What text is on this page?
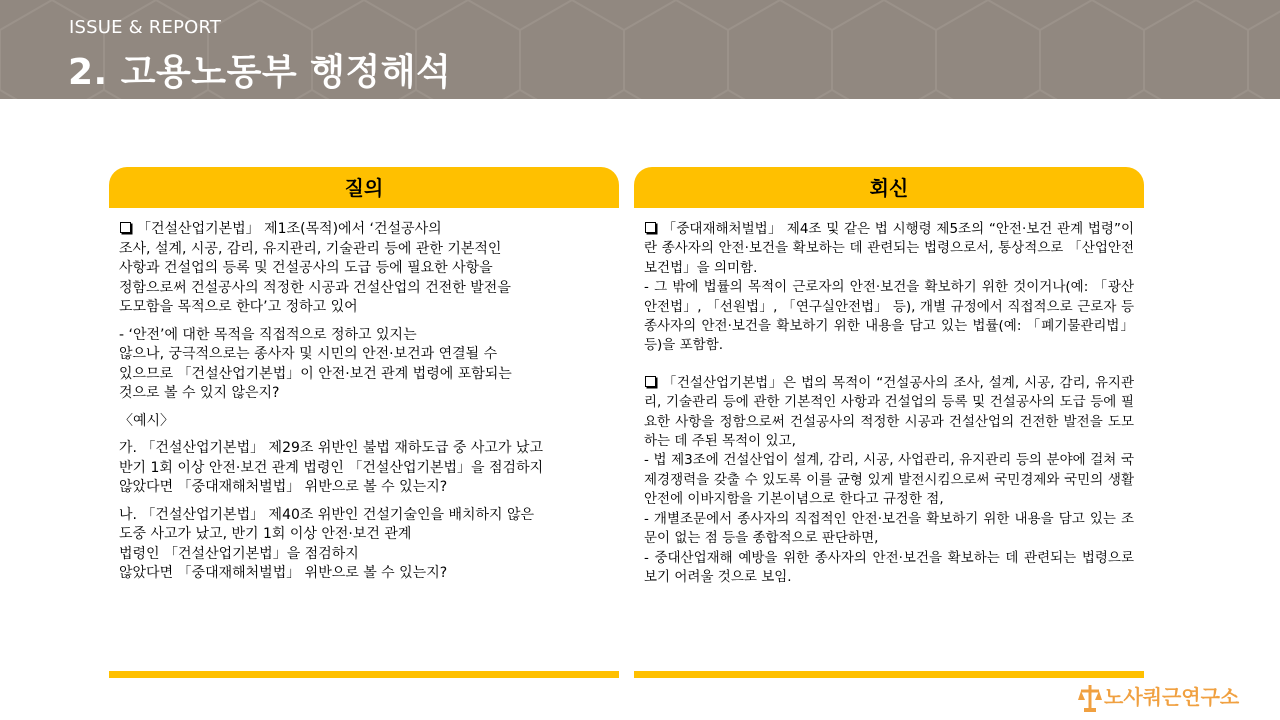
ISSUE & REPORT
2. 고용노동부 행정해석
질의

「건설산업기본법」 제1조(목적)에서 ‘건설공사의
조사, 설계, 시공, 감리, 유지관리, 기술관리 등에 관한 기본적인
사항과 건설업의 등록 및 건설공사의 도급 등에 필요한 사항을
정함으로써 건설공사의 적정한 시공과 건설산업의 건전한 발전을
도모함을 목적으로 한다’고 정하고 있어

- ‘안전’에 대한 목적을 직접적으로 정하고 있지는
않으나, 궁극적으로는 종사자 및 시민의 안전·보건과 연결될 수
있으므로 「건설산업기본법」이 안전·보건 관계 법령에 포함되는
것으로 볼 수 있지 않은지?

〈예시〉

가. 「건설산업기본법」 제29조 위반인 불법 재하도급 중 사고가 났고
반기 1회 이상 안전·보건 관계 법령인 「건설산업기본법」을 점검하지
않았다면 「중대재해처벌법」 위반으로 볼 수 있는지?

나. 「건설산업기본법」 제40조 위반인 건설기술인을 배치하지 않은
도중 사고가 났고, 반기 1회 이상 안전·보건 관계
법령인 「건설산업기본법」을 점검하지
않았다면 「중대재해처벌법」 위반으로 볼 수 있는지?

회신

「중대재해처벌법」 제4조 및 같은 법 시행령 제5조의 “안전·보건 관계 법령”이란 종사자의 안전·보건을 확보하는 데 관련되는 법령으로서, 통상적으로 「산업안전보건법」을 의미함.
- 그 밖에 법률의 목적이 근로자의 안전·보건을 확보하기 위한 것이거나(예: 「광산안전법」, 「선원법」, 「연구실안전법」 등), 개별 규정에서 직접적으로 근로자 등 종사자의 안전·보건을 확보하기 위한 내용을 담고 있는 법률(예: 「폐기물관리법」 등)을 포함함.

「건설산업기본법」은 법의 목적이 “건설공사의 조사, 설계, 시공, 감리, 유지관리, 기술관리 등에 관한 기본적인 사항과 건설업의 등록 및 건설공사의 도급 등에 필요한 사항을 정함으로써 건설공사의 적정한 시공과 건설산업의 건전한 발전을 도모하는 데 주된 목적이 있고,
- 법 제3조에 건설산업이 설계, 감리, 시공, 사업관리, 유지관리 등의 분야에 걸쳐 국제경쟁력을 갖출 수 있도록 이를 균형 있게 발전시킴으로써 국민경제와 국민의 생활안전에 이바지함을 기본이념으로 한다고 규정한 점,
- 개별조문에서 종사자의 직접적인 안전·보건을 확보하기 위한 내용을 담고 있는 조문이 없는 점 등을 종합적으로 판단하면,
- 중대산업재해 예방을 위한 종사자의 안전·보건을 확보하는 데 관련되는 법령으로 보기 어려울 것으로 보임.

노사쿼근연구소
